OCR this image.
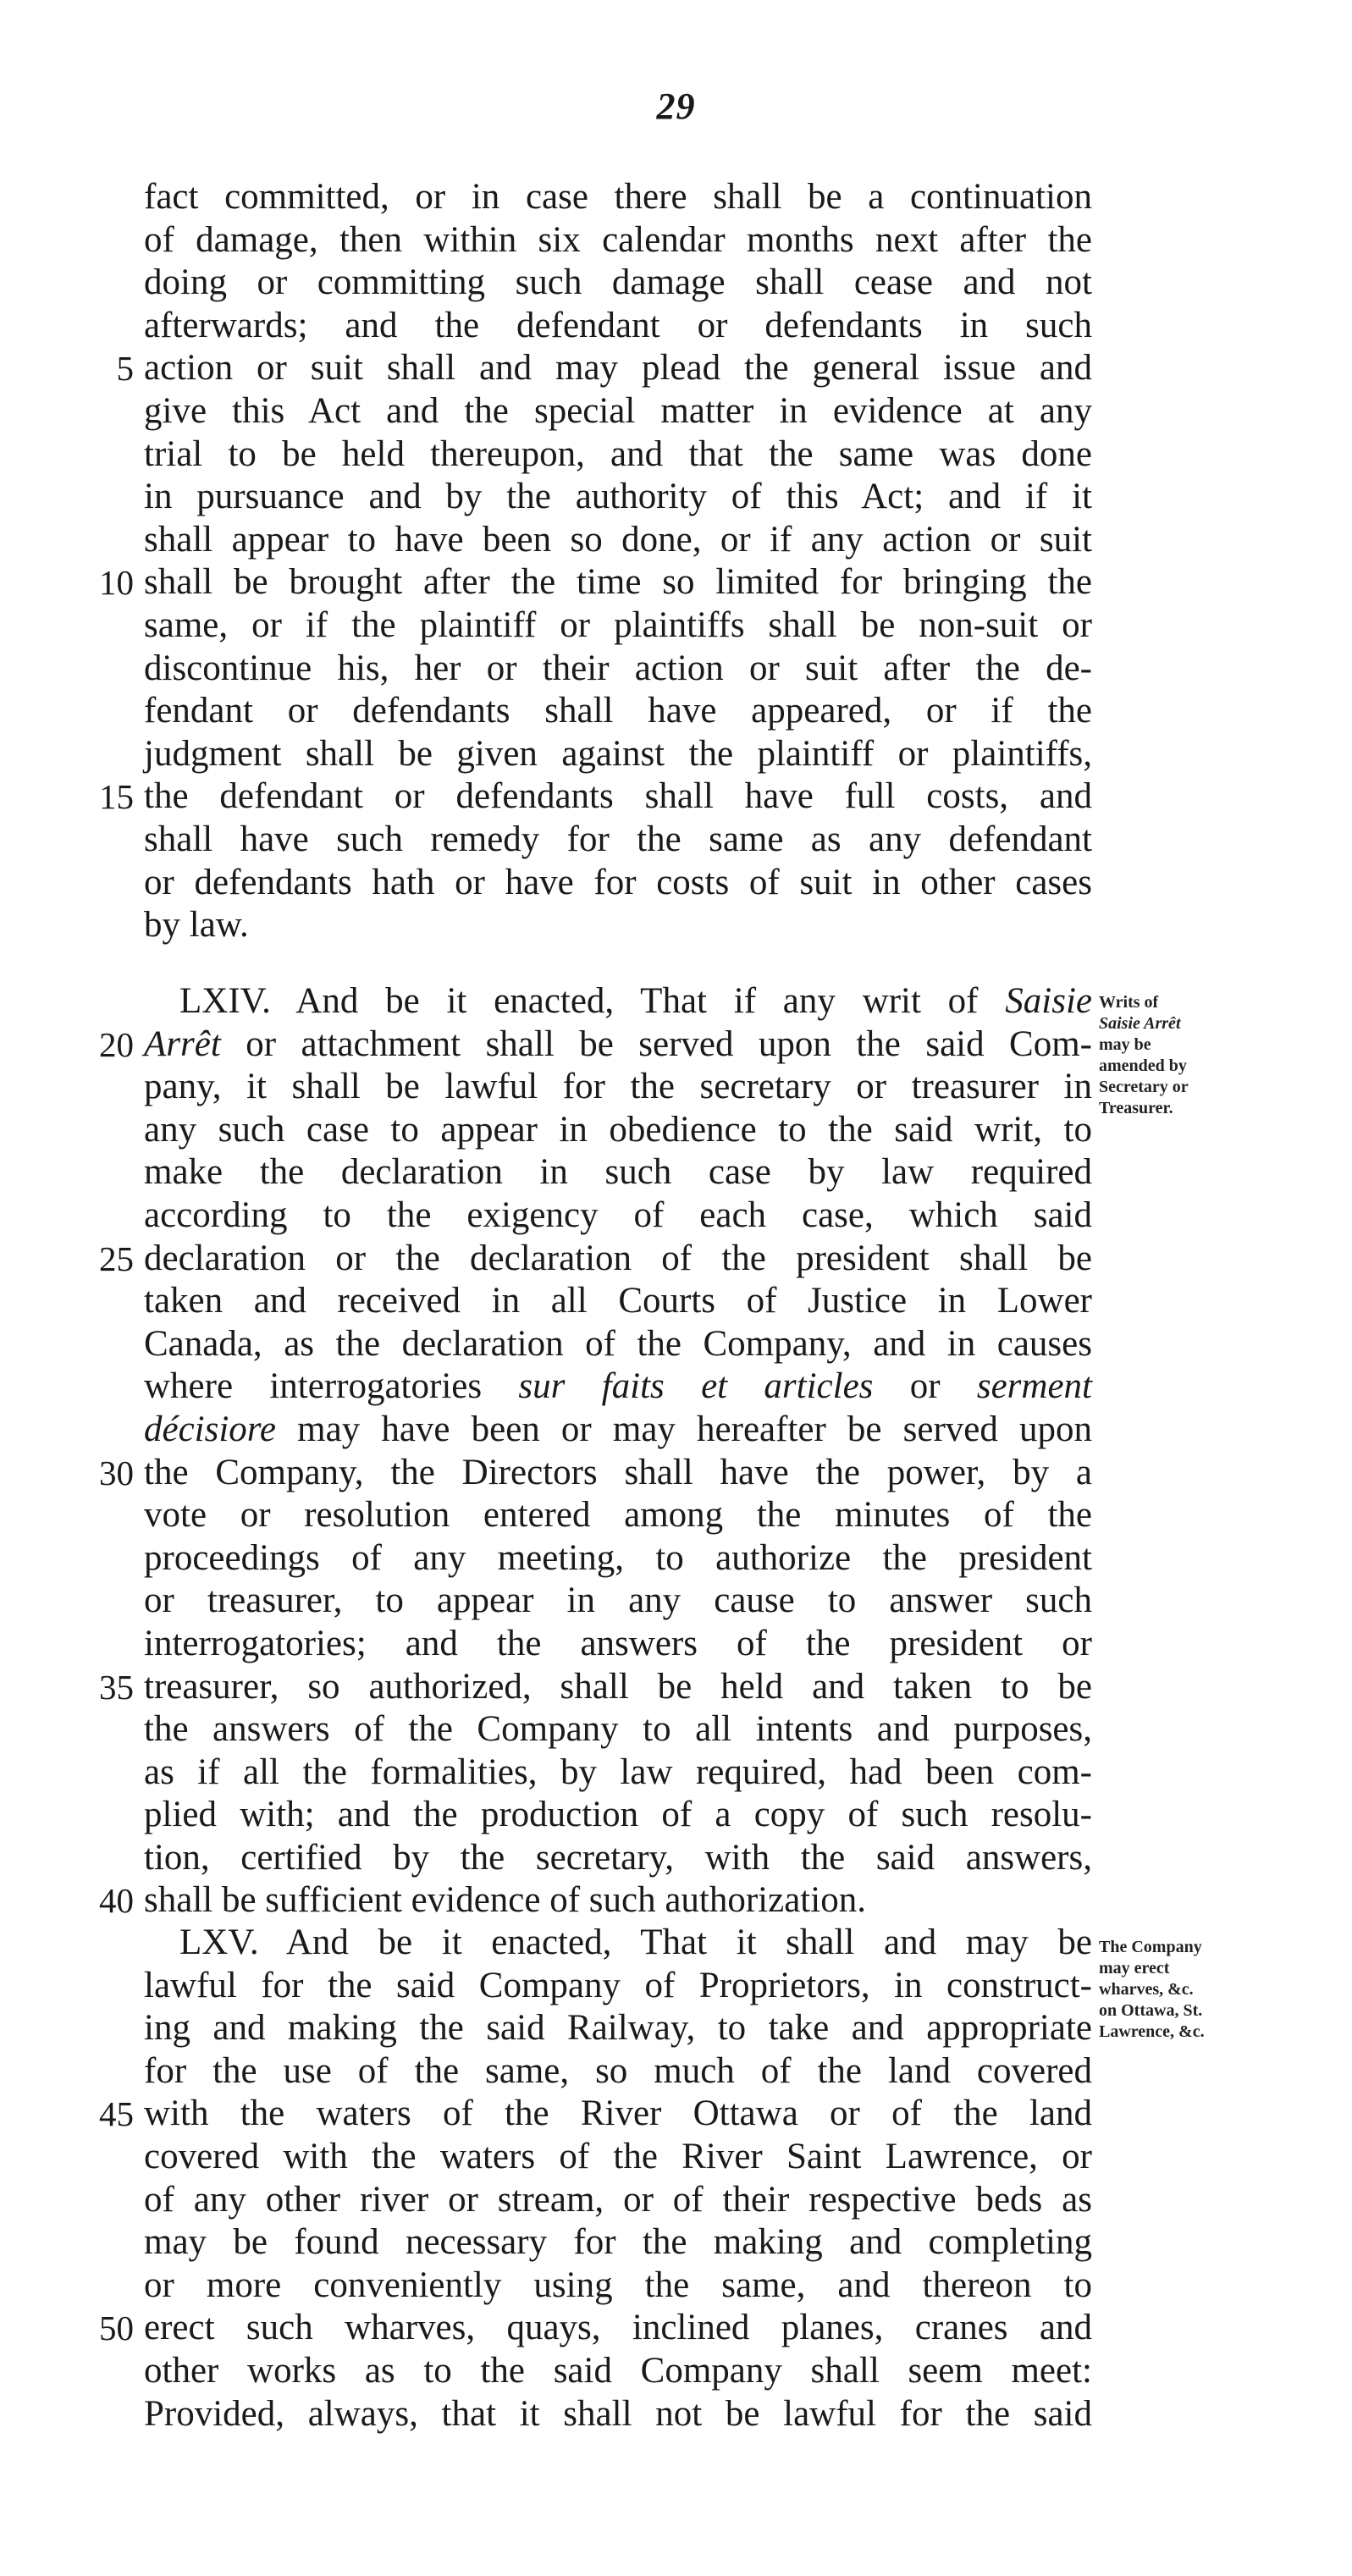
29
fact committed, or in case there shall be a continuation
of damage, then within six calendar months next after the
doing or committing such damage shall cease and not
afterwards; and the defendant or defendants in such
5 action or suit shall and may plead the general issue and
give this Act and the special matter in evidence at any
trial to be held thereupon, and that the same was done
in pursuance and by the authority of this Act; and if it
shall appear to have been so done, or if any action or suit
10 shall be brought after the time so limited for bringing the
same, or if the plaintiff or plaintiffs shall be non-suit or
discontinue his, her or their action or suit after the de-
fendant or defendants shall have appeared, or if the
judgment shall be given against the plaintiff or plaintiffs,
15 the defendant or defendants shall have full costs, and
shall have such remedy for the same as any defendant
or defendants hath or have for costs of suit in other cases
by law.
LXIV. And be it enacted, That if any writ of Saisie
20 Arrêt or attachment shall be served upon the said Com-
pany, it shall be lawful for the secretary or treasurer in
any such case to appear in obedience to the said writ, to
make the declaration in such case by law required
according to the exigency of each case, which said
25 declaration or the declaration of the president shall be
taken and received in all Courts of Justice in Lower
Canada, as the declaration of the Company, and in causes
where interrogatories sur faits et articles or serment
décisiore may have been or may hereafter be served upon
30 the Company, the Directors shall have the power, by a
vote or resolution entered among the minutes of the
proceedings of any meeting, to authorize the president
or treasurer, to appear in any cause to answer such
interrogatories; and the answers of the president or
35 treasurer, so authorized, shall be held and taken to be
the answers of the Company to all intents and purposes,
as if all the formalities, by law required, had been com-
plied with; and the production of a copy of such resolu-
tion, certified by the secretary, with the said answers,
40 shall be sufficient evidence of such authorization.
Writs of
Saisie Arrêt
may be
amended by
Secretary or
Treasurer.
LXV. And be it enacted, That it shall and may be
lawful for the said Company of Proprietors, in construct-
ing and making the said Railway, to take and appropriate
for the use of the same, so much of the land covered
45 with the waters of the River Ottawa or of the land
covered with the waters of the River Saint Lawrence, or
of any other river or stream, or of their respective beds as
may be found necessary for the making and completing
or more conveniently using the same, and thereon to
50 erect such wharves, quays, inclined planes, cranes and
other works as to the said Company shall seem meet:
Provided, always, that it shall not be lawful for the said
The Company
may erect
wharves, &c.
on Ottawa, St.
Lawrence, &c.
